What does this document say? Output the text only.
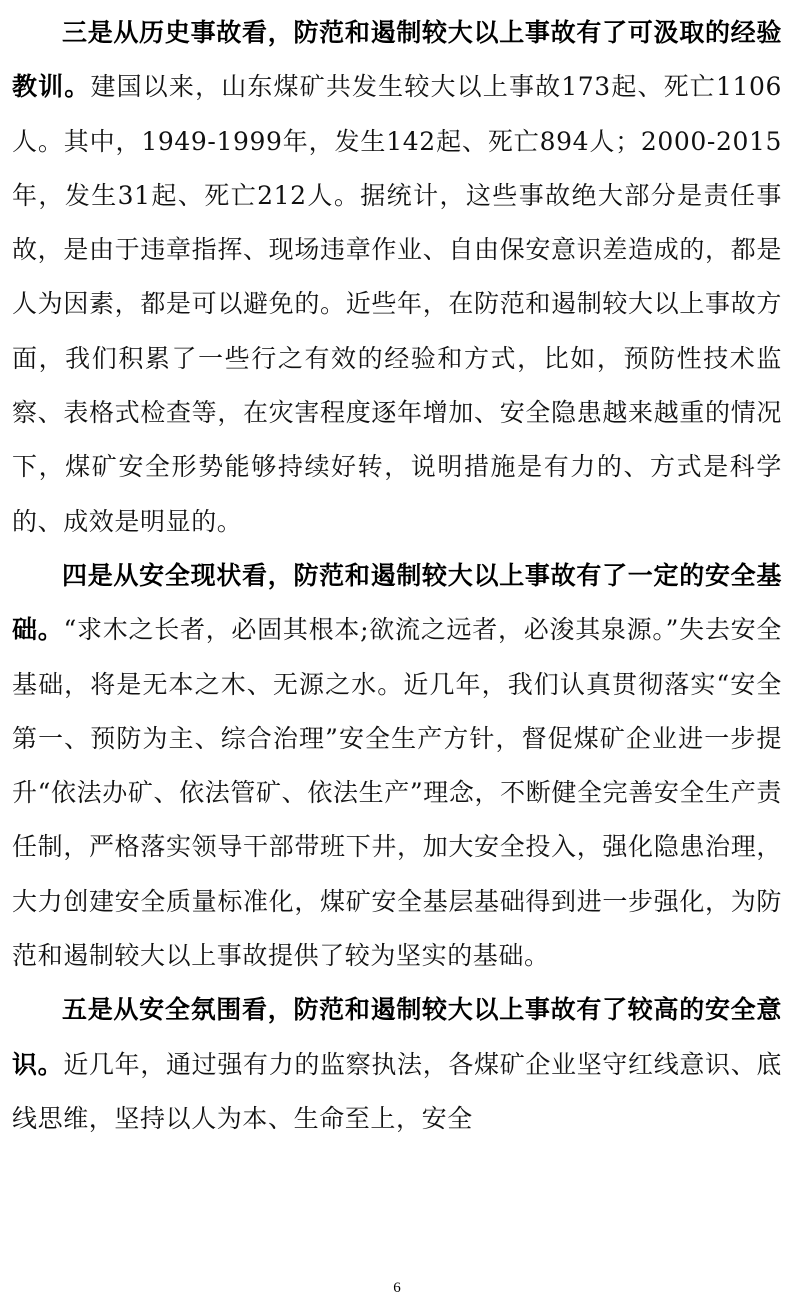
三是从历史事故看，防范和遏制较大以上事故有了可汲取的经验教训。建国以来，山东煤矿共发生较大以上事故173起、死亡1106人。其中，1949-1999年，发生142起、死亡894人；2000-2015年，发生31起、死亡212人。据统计，这些事故绝大部分是责任事故，是由于违章指挥、现场违章作业、自由保安意识差造成的，都是人为因素，都是可以避免的。近些年，在防范和遏制较大以上事故方面，我们积累了一些行之有效的经验和方式，比如，预防性技术监察、表格式检查等，在灾害程度逐年增加、安全隐患越来越重的情况下，煤矿安全形势能够持续好转，说明措施是有力的、方式是科学的、成效是明显的。

四是从安全现状看，防范和遏制较大以上事故有了一定的安全基础。“求木之长者，必固其根本;欲流之远者，必浚其泉源。”失去安全基础，将是无本之木、无源之水。近几年，我们认真贯彻落实“安全第一、预防为主、综合治理”安全生产方针，督促煤矿企业进一步提升“依法办矿、依法管矿、依法生产”理念，不断健全完善安全生产责任制，严格落实领导干部带班下井，加大安全投入，强化隐患治理，大力创建安全质量标准化，煤矿安全基层基础得到进一步强化，为防范和遏制较大以上事故提供了较为坚实的基础。

五是从安全氛围看，防范和遏制较大以上事故有了较高的安全意识。近几年，通过强有力的监察执法，各煤矿企业坚守红线意识、底线思维，坚持以人为本、生命至上，安全

6
